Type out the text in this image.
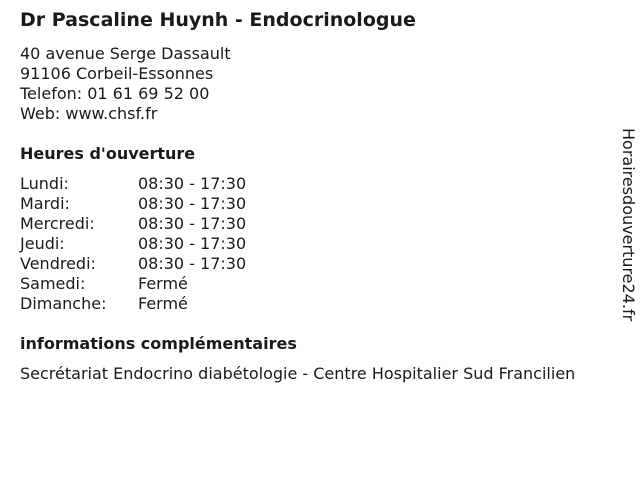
Dr Pascaline Huynh - Endocrinologue
40 avenue Serge Dassault
91106 Corbeil-Essonnes
Telefon: 01 61 69 52 00
Web: www.chsf.fr
Heures d'ouverture
Lundi:	08:30 - 17:30
Mardi:	08:30 - 17:30
Mercredi:	08:30 - 17:30
Jeudi:	08:30 - 17:30
Vendredi:	08:30 - 17:30
Samedi:	Fermé
Dimanche:	Fermé
informations complémentaires
Secrétariat Endocrino diabétologie - Centre Hospitalier Sud Francilien
Horairesdouverture24.fr
